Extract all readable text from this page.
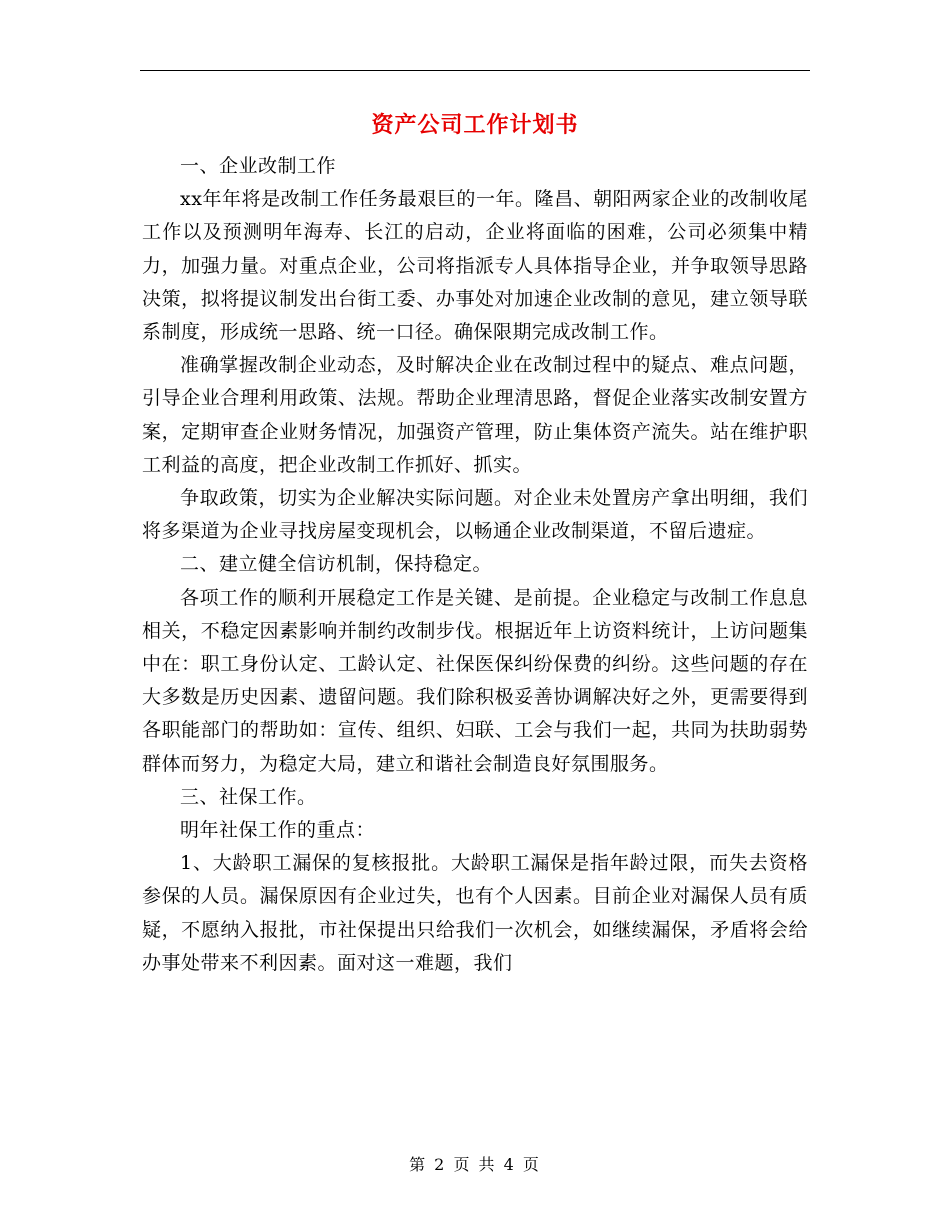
资产公司工作计划书

一、企业改制工作

xx年年将是改制工作任务最艰巨的一年。隆昌、朝阳两家企业的改制收尾工作以及预测明年海寿、长江的启动，企业将面临的困难，公司必须集中精力，加强力量。对重点企业，公司将指派专人具体指导企业，并争取领导思路决策，拟将提议制发出台街工委、办事处对加速企业改制的意见，建立领导联系制度，形成统一思路、统一口径。确保限期完成改制工作。

准确掌握改制企业动态，及时解决企业在改制过程中的疑点、难点问题，引导企业合理利用政策、法规。帮助企业理清思路，督促企业落实改制安置方案，定期审查企业财务情况，加强资产管理，防止集体资产流失。站在维护职工利益的高度，把企业改制工作抓好、抓实。

争取政策，切实为企业解决实际问题。对企业未处置房产拿出明细，我们将多渠道为企业寻找房屋变现机会，以畅通企业改制渠道，不留后遗症。

二、建立健全信访机制，保持稳定。

各项工作的顺利开展稳定工作是关键、是前提。企业稳定与改制工作息息相关，不稳定因素影响并制约改制步伐。根据近年上访资料统计，上访问题集中在：职工身份认定、工龄认定、社保医保纠纷保费的纠纷。这些问题的存在大多数是历史因素、遗留问题。我们除积极妥善协调解决好之外，更需要得到各职能部门的帮助如：宣传、组织、妇联、工会与我们一起，共同为扶助弱势群体而努力，为稳定大局，建立和谐社会制造良好氛围服务。

三、社保工作。

明年社保工作的重点：

1、大龄职工漏保的复核报批。大龄职工漏保是指年龄过限，而失去资格参保的人员。漏保原因有企业过失，也有个人因素。目前企业对漏保人员有质疑，不愿纳入报批，市社保提出只给我们一次机会，如继续漏保，矛盾将会给办事处带来不利因素。面对这一难题，我们

第 2 页 共 4 页
